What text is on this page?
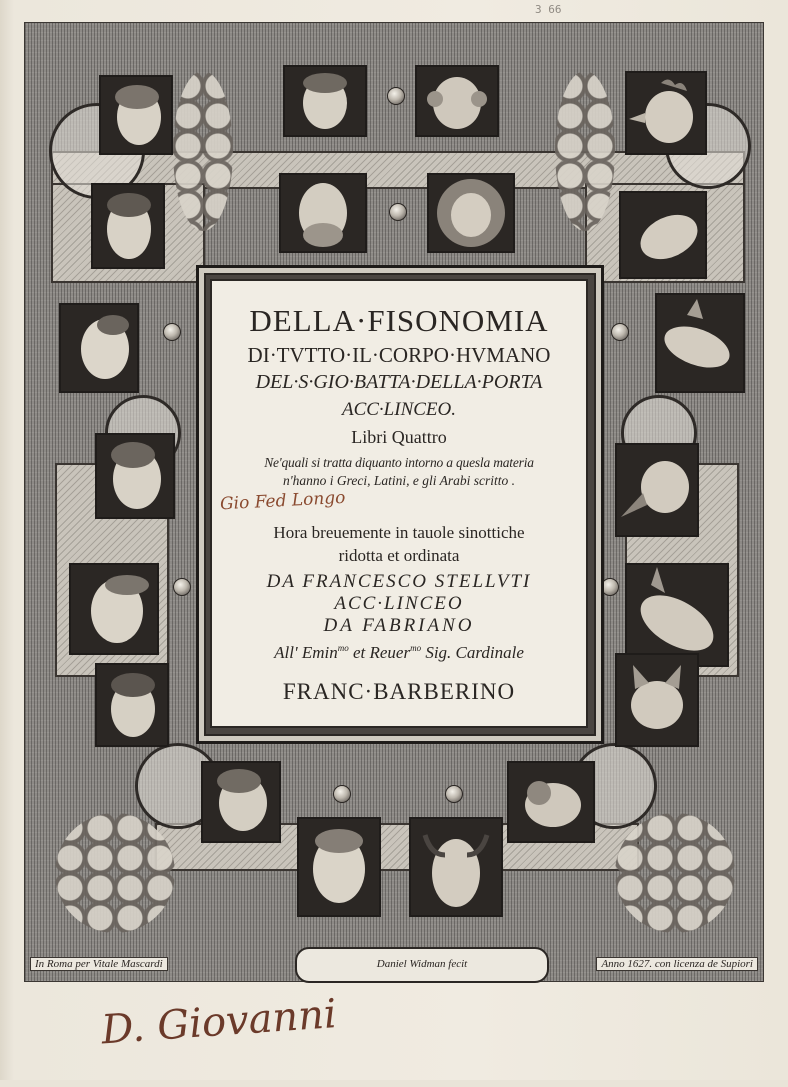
3 66
Daniel Widman fecit
In Roma per Vitale Mascardi	Anno 1627. con licenza de Supiori
DELLA·FISONOMIA
DI·TVTTO·IL·CORPO·HVMANO
DEL·S·GIO·BATTA·DELLA·PORTA
ACC·LINCEO.
Libri Quattro
Ne'quali si tratta diquanto intorno a quesla materia
n'hanno i Greci, Latini, e gli Arabi scritto .
Gio Fed Longo
Hora breuemente in tauole sinottiche
ridotta et ordinata
DA FRANCESCO STELLVTI
ACC·LINCEO
DA FABRIANO
All' Emin$^{mo}$ et Reuer$^{mo}$ Sig. Cardinale
FRANC·BARBERINO
D. Giovanni
